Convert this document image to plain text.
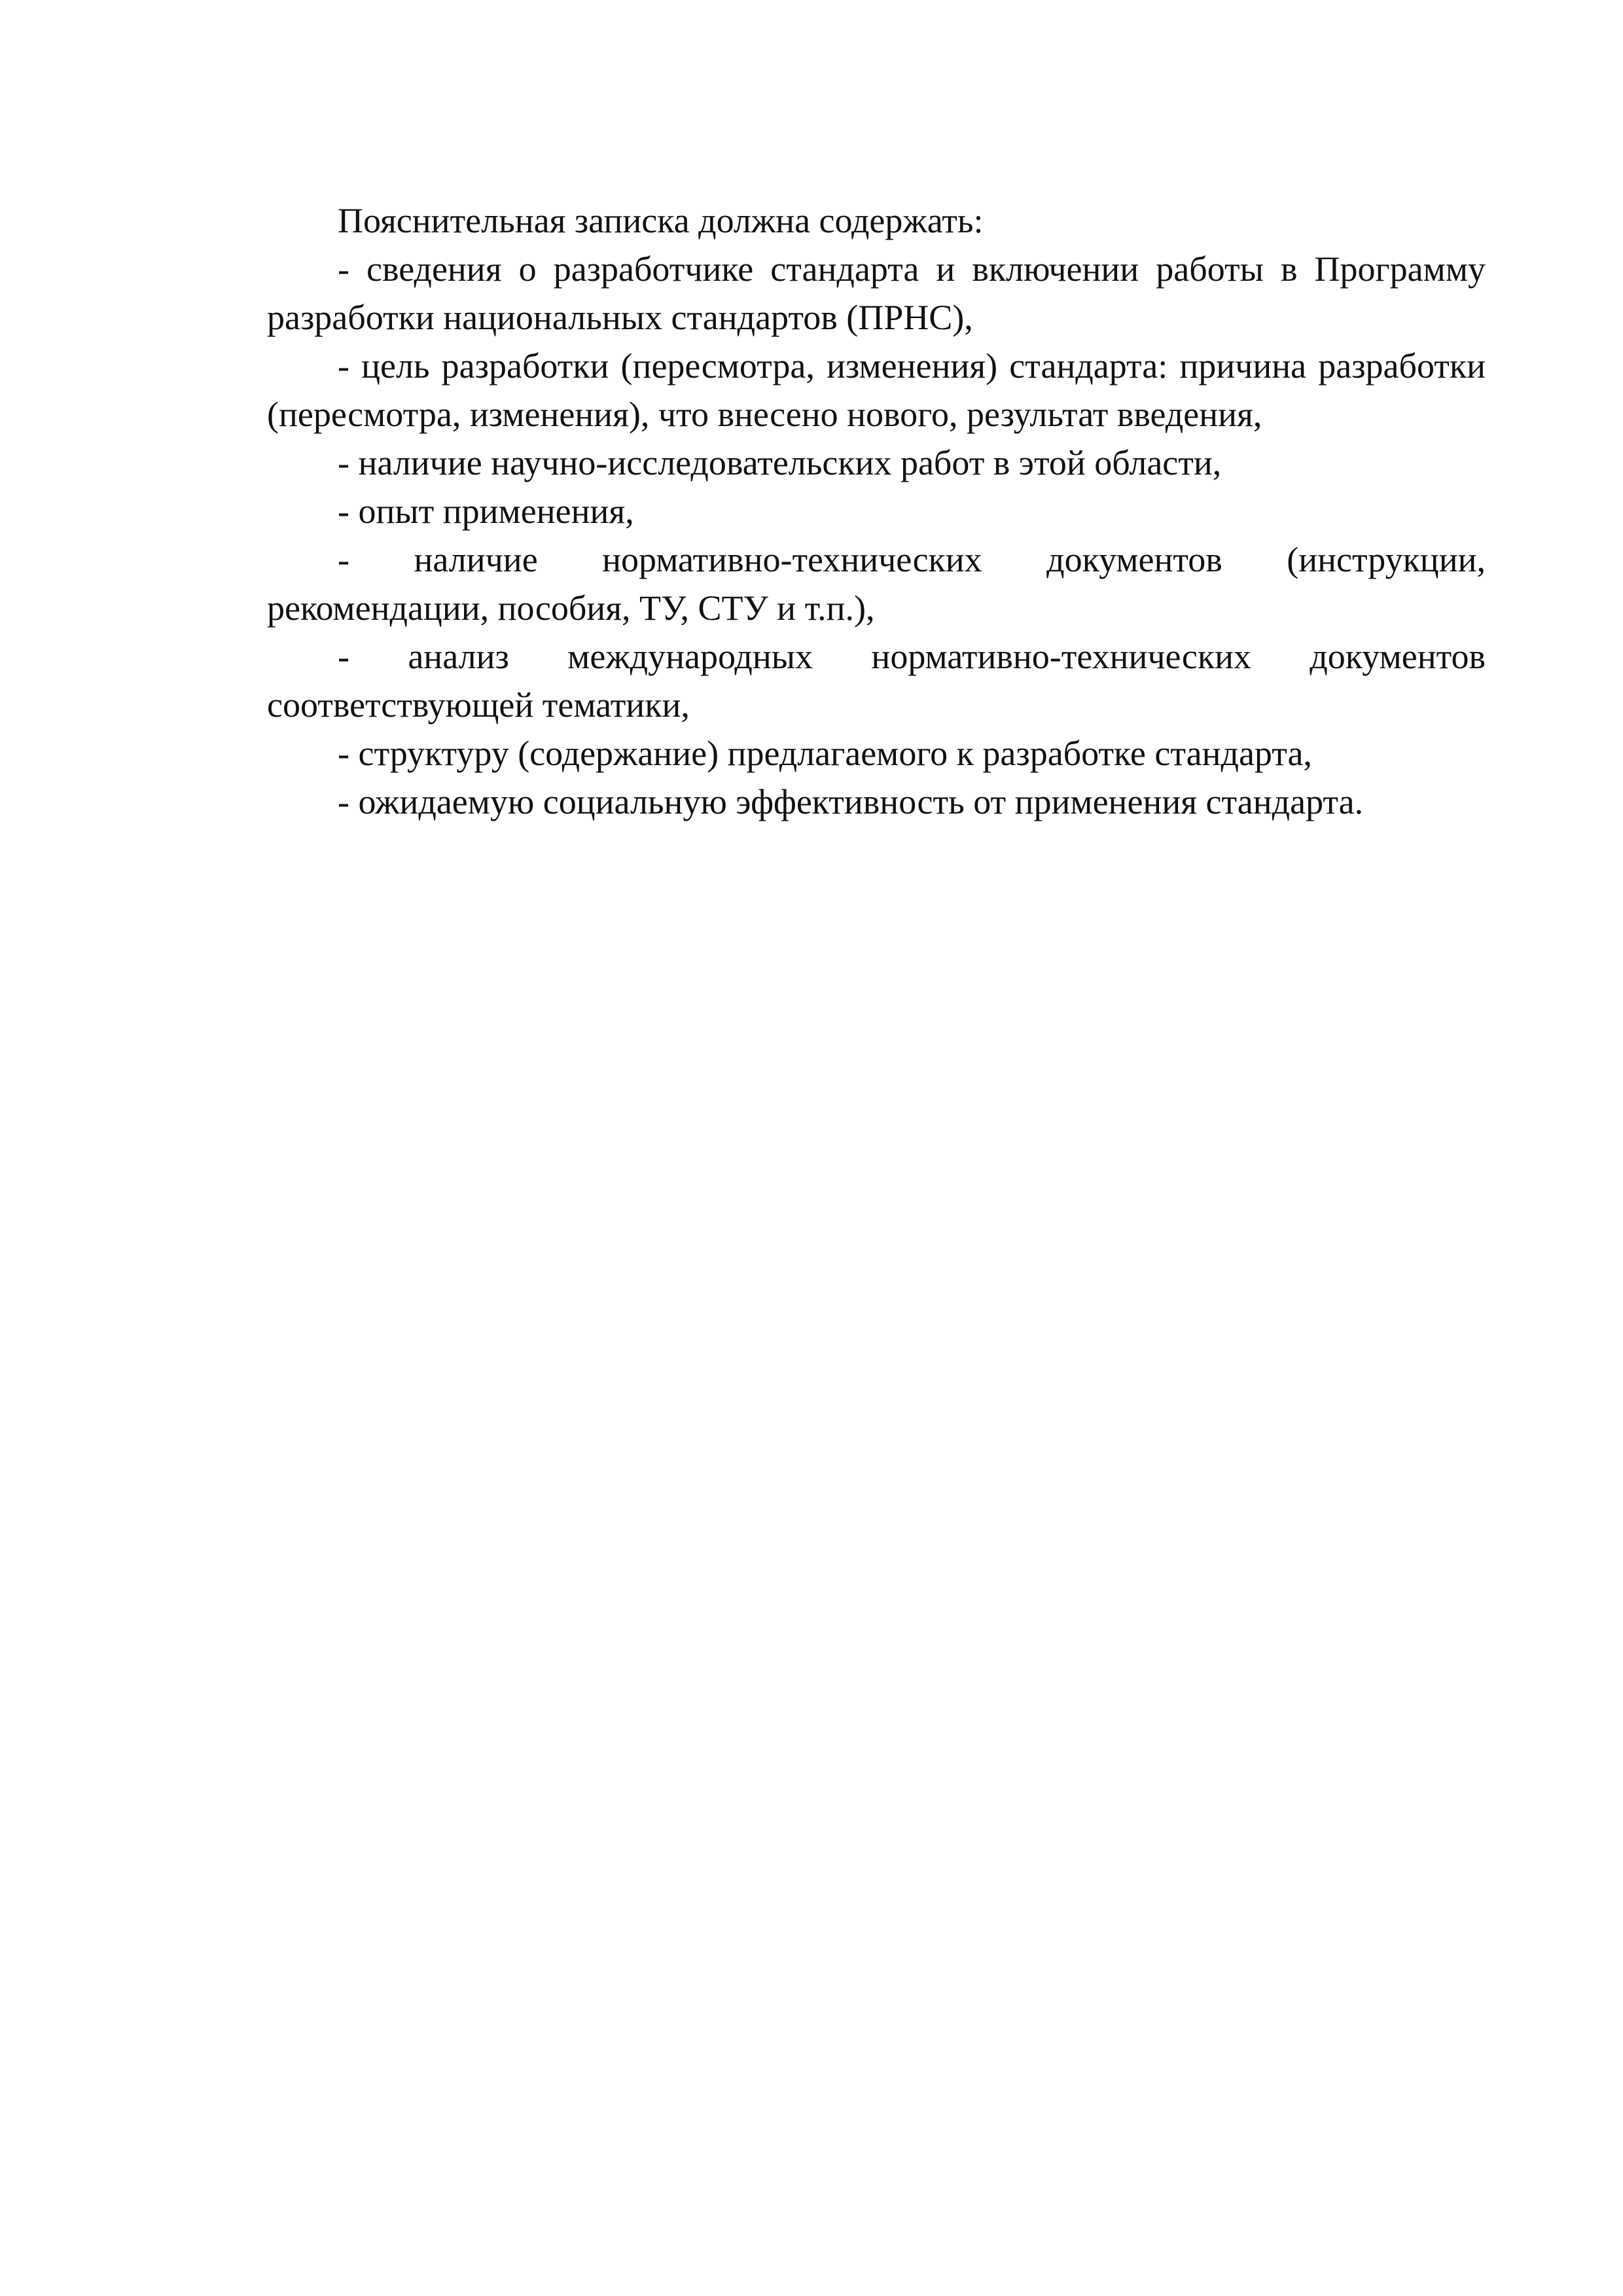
Пояснительная записка должна содержать:

- сведения о разработчике стандарта и включении работы в Программу разработки национальных стандартов (ПРНС),

- цель разработки (пересмотра, изменения) стандарта: причина разработки (пересмотра, изменения), что внесено нового, результат введения,

- наличие научно-исследовательских работ в этой области,

- опыт применения,

- наличие нормативно-технических документов (инструкции, рекомендации, пособия, ТУ, СТУ и т.п.),

- анализ международных нормативно-технических документов соответствующей тематики,

- структуру (содержание) предлагаемого к разработке стандарта,

- ожидаемую социальную эффективность от применения стандарта.
